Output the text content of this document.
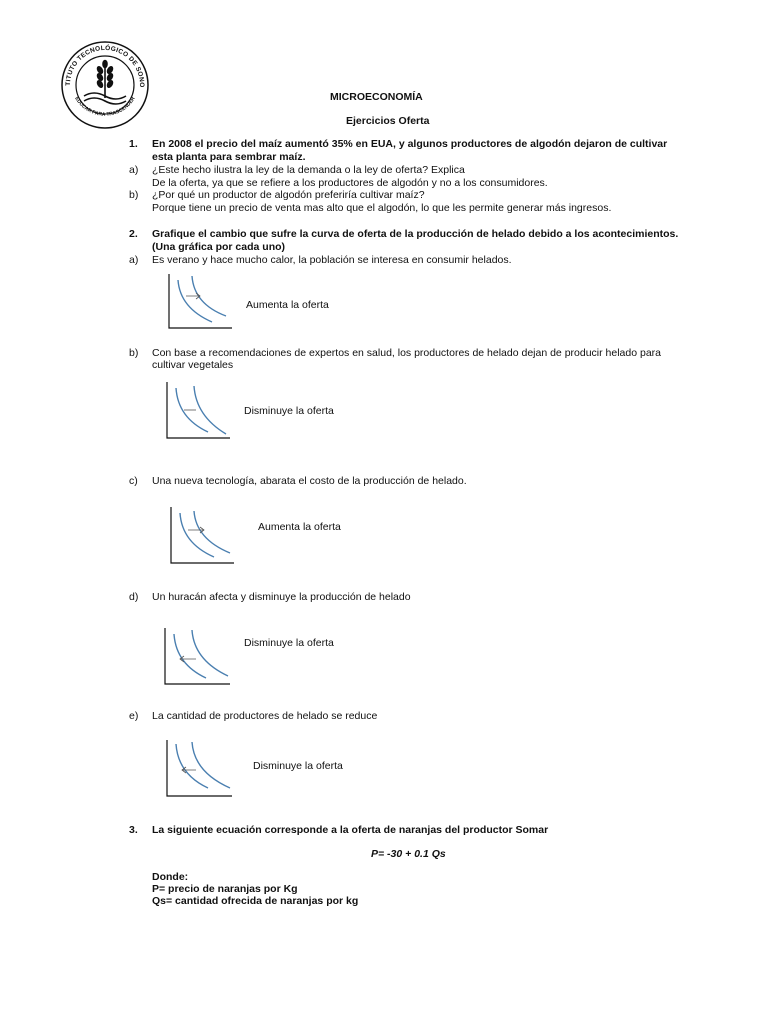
INSTITUTO TECNOLÓGICO DE SONORA
EDUCAR PARA TRASCENDER	MICROECONOMÍA
Ejercicios Oferta
1. En 2008 el precio del maíz aumentó 35% en EUA, y algunos productores de algodón dejaron de cultivar
esta planta para sembrar maíz.
a) ¿Este hecho ilustra la ley de la demanda o la ley de oferta? Explica
De la oferta, ya que se refiere a los productores de algodón y no a los consumidores.
b) ¿Por qué un productor de algodón preferiría cultivar maíz?
Porque tiene un precio de venta mas alto que el algodón, lo que les permite generar más ingresos.
2. Grafique el cambio que sufre la curva de oferta de la producción de helado debido a los acontecimientos.
(Una gráfica por cada uno)
a) Es verano y hace mucho calor, la población se interesa en consumir helados.
Aumenta la oferta
b) Con base a recomendaciones de expertos en salud, los productores de helado dejan de producir helado para
cultivar vegetales
Disminuye la oferta
c) Una nueva tecnología, abarata el costo de la producción de helado.
Aumenta la oferta
d) Un huracán afecta y disminuye la producción de helado
Disminuye la oferta
e) La cantidad de productores de helado se reduce
Disminuye la oferta
3. La siguiente ecuación corresponde a la oferta de naranjas del productor Somar
P= -30 + 0.1 Qs
Donde:
P= precio de naranjas por Kg
Qs= cantidad ofrecida de naranjas por kg
